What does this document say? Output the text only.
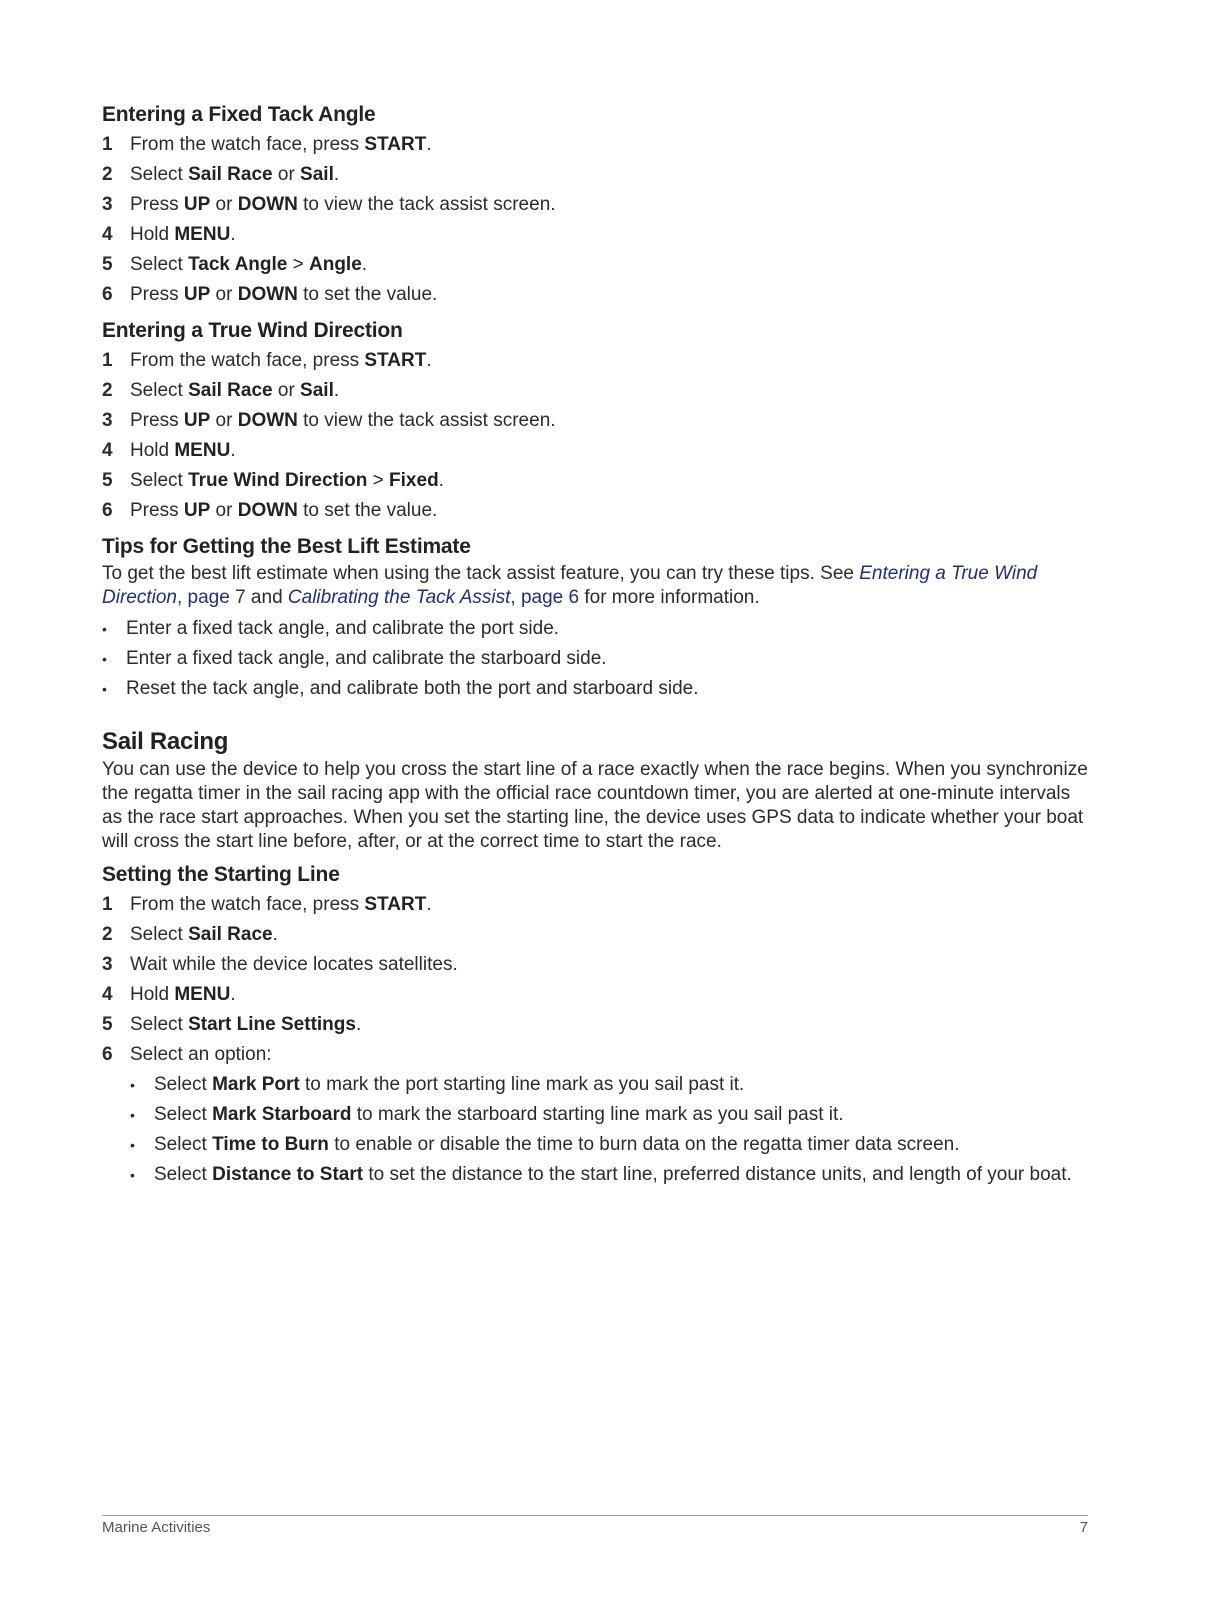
Entering a Fixed Tack Angle
1 From the watch face, press START.
2 Select Sail Race or Sail.
3 Press UP or DOWN to view the tack assist screen.
4 Hold MENU.
5 Select Tack Angle > Angle.
6 Press UP or DOWN to set the value.
Entering a True Wind Direction
1 From the watch face, press START.
2 Select Sail Race or Sail.
3 Press UP or DOWN to view the tack assist screen.
4 Hold MENU.
5 Select True Wind Direction > Fixed.
6 Press UP or DOWN to set the value.
Tips for Getting the Best Lift Estimate

To get the best lift estimate when using the tack assist feature, you can try these tips. See Entering a True Wind Direction, page 7 and Calibrating the Tack Assist, page 6 for more information.

•	Enter a fixed tack angle, and calibrate the port side.
•	Enter a fixed tack angle, and calibrate the starboard side.
•	Reset the tack angle, and calibrate both the port and starboard side.
Sail Racing

You can use the device to help you cross the start line of a race exactly when the race begins. When you synchronize the regatta timer in the sail racing app with the official race countdown timer, you are alerted at one-minute intervals as the race start approaches. When you set the starting line, the device uses GPS data to indicate whether your boat will cross the start line before, after, or at the correct time to start the race.

Setting the Starting Line
1 From the watch face, press START.
2 Select Sail Race.
3 Wait while the device locates satellites.
4 Hold MENU.
5 Select Start Line Settings.
6 Select an option:
•	Select Mark Port to mark the port starting line mark as you sail past it.
•	Select Mark Starboard to mark the starboard starting line mark as you sail past it.
•	Select Time to Burn to enable or disable the time to burn data on the regatta timer data screen.
•	Select Distance to Start to set the distance to the start line, preferred distance units, and length of your boat.
Marine Activities	7
